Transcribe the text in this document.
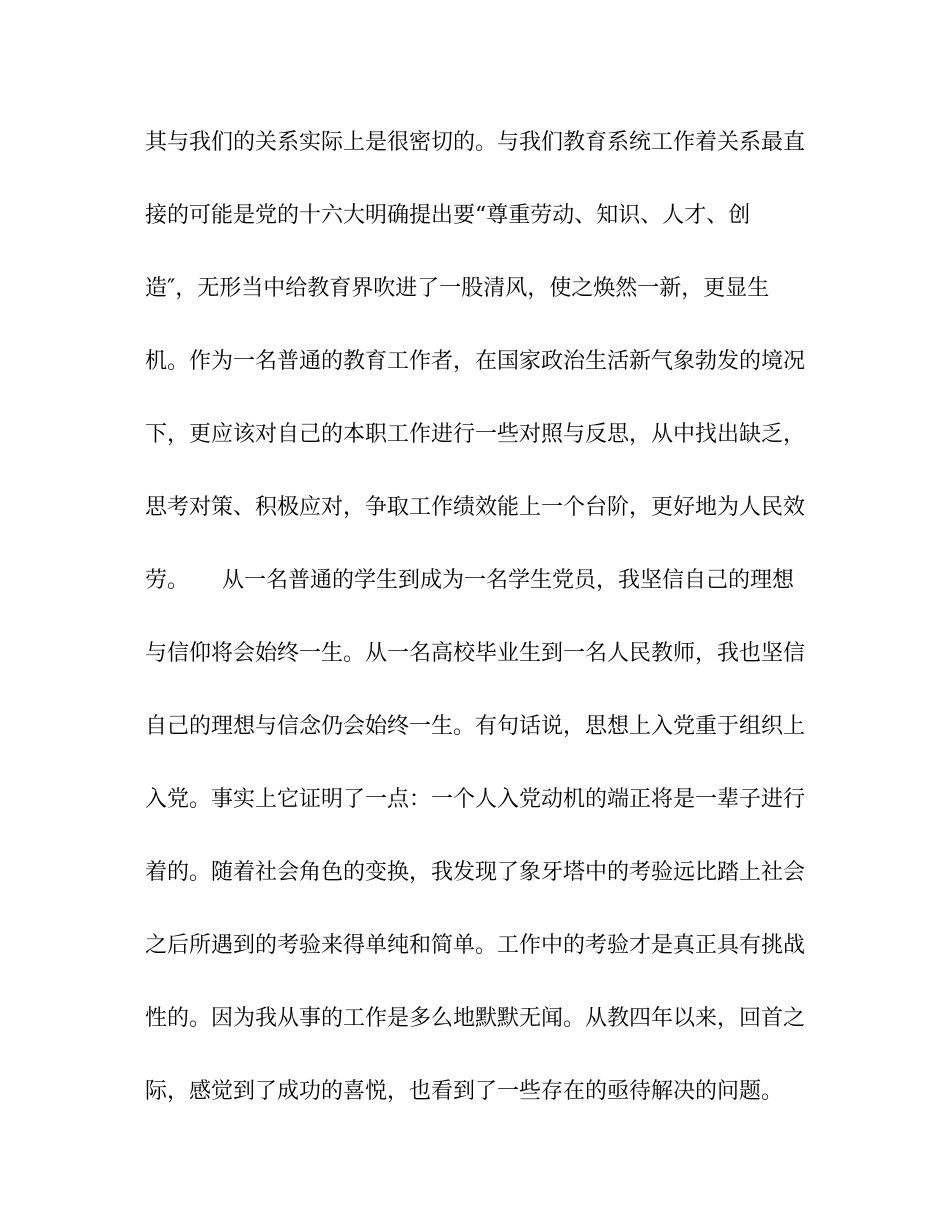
其与我们的关系实际上是很密切的。与我们教育系统工作着关系最直
接的可能是党的十六大明确提出要“尊重劳动、知识、人才、创
造″，无形当中给教育界吹进了一股清风，使之焕然一新，更显生
机。作为一名普通的教育工作者，在国家政治生活新气象勃发的境况
下，更应该对自己的本职工作进行一些对照与反思，从中找出缺乏，
思考对策、积极应对，争取工作绩效能上一个台阶，更好地为人民效
劳。　　从一名普通的学生到成为一名学生党员，我坚信自己的理想
与信仰将会始终一生。从一名高校毕业生到一名人民教师，我也坚信
自己的理想与信念仍会始终一生。有句话说，思想上入党重于组织上
入党。事实上它证明了一点：一个人入党动机的端正将是一辈子进行
着的。随着社会角色的变换，我发现了象牙塔中的考验远比踏上社会
之后所遇到的考验来得单纯和简单。工作中的考验才是真正具有挑战
性的。因为我从事的工作是多么地默默无闻。从教四年以来，回首之
际，感觉到了成功的喜悦，也看到了一些存在的亟待解决的问题。
